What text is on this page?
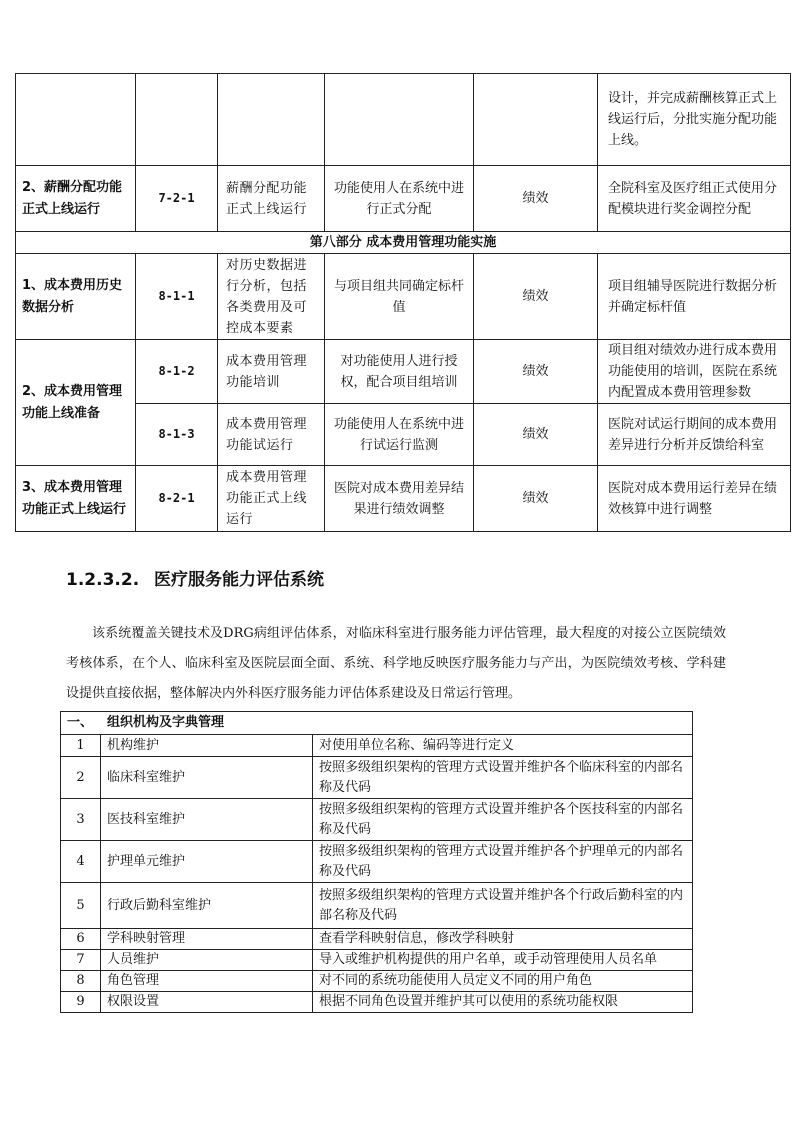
					设计，并完成薪酬核算正式上线运行后，分批实施分配功能上线。
2、薪酬分配功能正式上线运行	7-2-1	薪酬分配功能正式上线运行	功能使用人在系统中进行正式分配	绩效	全院科室及医疗组正式使用分配模块进行奖金调控分配
第八部分 成本费用管理功能实施					
1、成本费用历史数据分析	8-1-1	对历史数据进行分析，包括各类费用及可控成本要素	与项目组共同确定标杆值	绩效	项目组辅导医院进行数据分析并确定标杆值
2、成本费用管理功能上线准备	8-1-2	成本费用管理功能培训	对功能使用人进行授权，配合项目组培训	绩效	项目组对绩效办进行成本费用功能使用的培训，医院在系统内配置成本费用管理参数
	8-1-3	成本费用管理功能试运行	功能使用人在系统中进行试运行监测	绩效	医院对试运行期间的成本费用差异进行分析并反馈给科室
3、成本费用管理功能正式上线运行	8-2-1	成本费用管理功能正式上线运行	医院对成本费用差异结果进行绩效调整	绩效	医院对成本费用运行差异在绩效核算中进行调整
1.2.3.2. 医疗服务能力评估系统

该系统覆盖关键技术及DRG病组评估体系，对临床科室进行服务能力评估管理，最大程度的对接公立医院绩效考核体系，在个人、临床科室及医院层面全面、系统、科学地反映医疗服务能力与产出，为医院绩效考核、学科建设提供直接依据，整体解决内外科医疗服务能力评估体系建设及日常运行管理。

一、 组织机构及字典管理		
1	机构维护	对使用单位名称、编码等进行定义
2	临床科室维护	按照多级组织架构的管理方式设置并维护各个临床科室的内部名称及代码
3	医技科室维护	按照多级组织架构的管理方式设置并维护各个医技科室的内部名称及代码
4	护理单元维护	按照多级组织架构的管理方式设置并维护各个护理单元的内部名称及代码
5	行政后勤科室维护	按照多级组织架构的管理方式设置并维护各个行政后勤科室的内部名称及代码
6	学科映射管理	查看学科映射信息，修改学科映射
7	人员维护	导入或维护机构提供的用户名单，或手动管理使用人员名单
8	角色管理	对不同的系统功能使用人员定义不同的用户角色
9	权限设置	根据不同角色设置并维护其可以使用的系统功能权限
